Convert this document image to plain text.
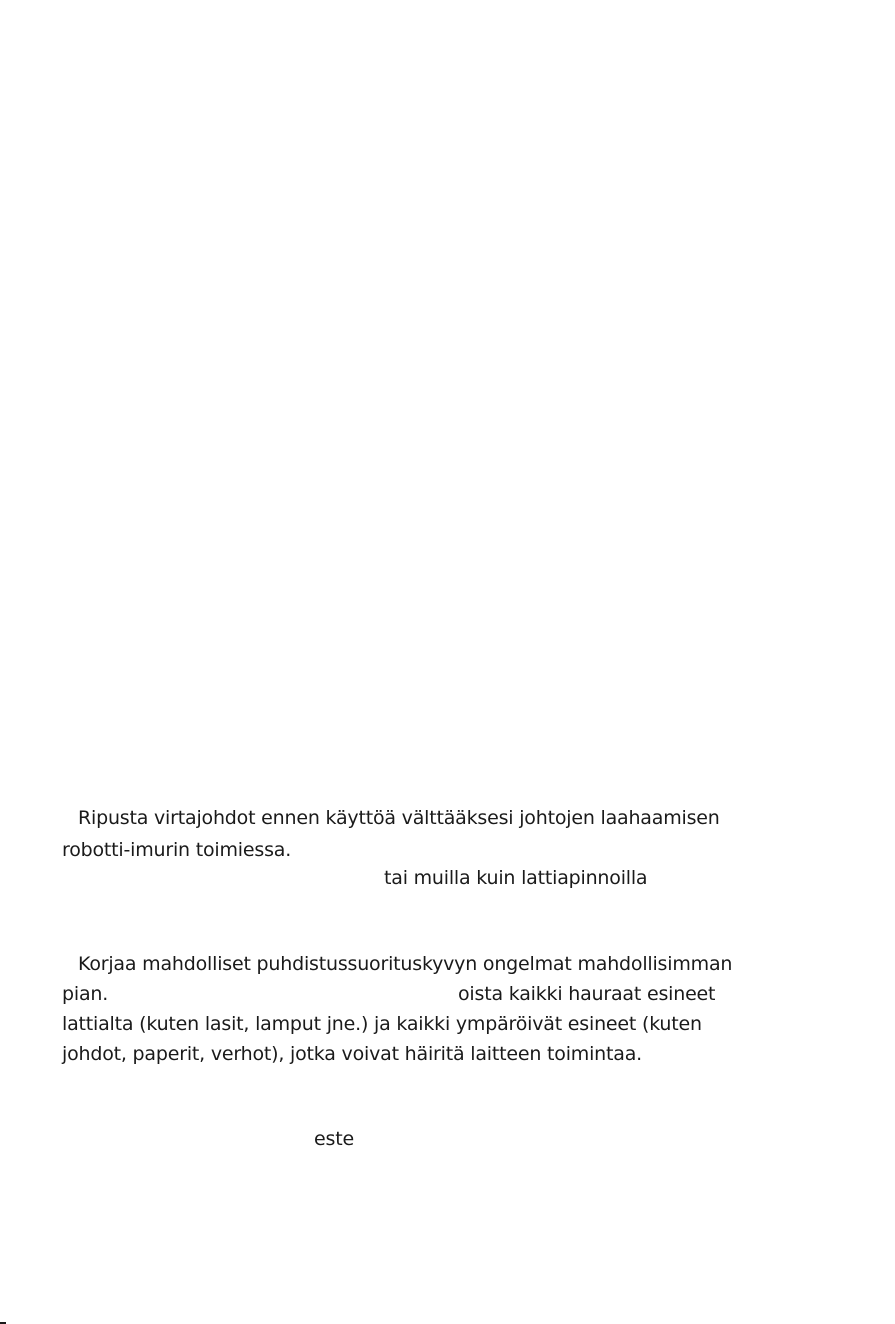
Ripusta virtajohdot ennen käyttöä välttääksesi johtojen laahaamisen
robotti-imurin toimiessa.
tai muilla kuin lattiapinnoilla
Korjaa mahdolliset puhdistussuorituskyvyn ongelmat mahdollisimman
pian.	oista kaikki hauraat esineet
lattialta (kuten lasit, lamput jne.) ja kaikki ympäröivät esineet (kuten
johdot, paperit, verhot), jotka voivat häiritä laitteen toimintaa.
este
